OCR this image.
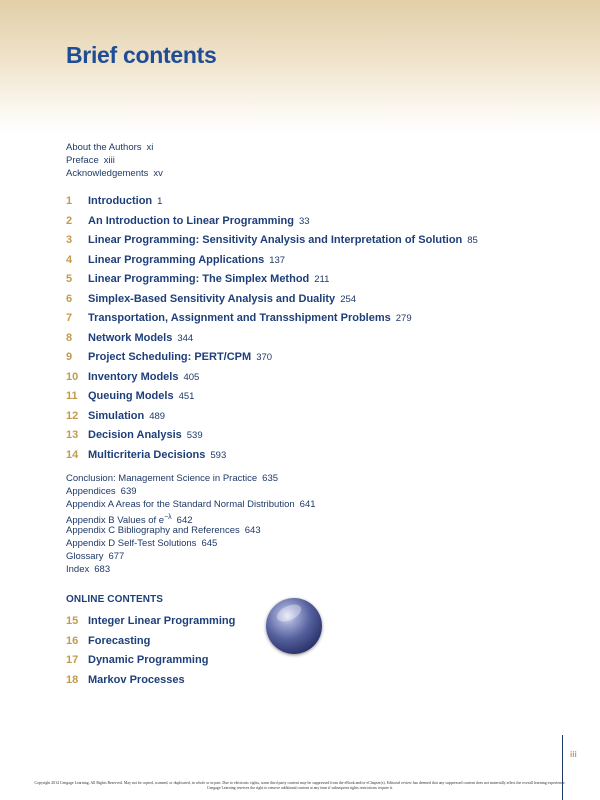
Brief contents
About the Authors xi
Preface xiii
Acknowledgements xv
1 Introduction 1
2 An Introduction to Linear Programming 33
3 Linear Programming: Sensitivity Analysis and Interpretation of Solution 85
4 Linear Programming Applications 137
5 Linear Programming: The Simplex Method 211
6 Simplex-Based Sensitivity Analysis and Duality 254
7 Transportation, Assignment and Transshipment Problems 279
8 Network Models 344
9 Project Scheduling: PERT/CPM 370
10 Inventory Models 405
11 Queuing Models 451
12 Simulation 489
13 Decision Analysis 539
14 Multicriteria Decisions 593
Conclusion: Management Science in Practice 635
Appendices 639
Appendix A Areas for the Standard Normal Distribution 641
Appendix B Values of $e^{-\lambda}$ 642
Appendix C Bibliography and References 643
Appendix D Self-Test Solutions 645
Glossary 677
Index 683
ONLINE CONTENTS
15 Integer Linear Programming
16 Forecasting
17 Dynamic Programming
18 Markov Processes
iii
Copyright 2014 Cengage Learning. All Rights Reserved. May not be copied, scanned, or duplicated, in whole or in part. Due to electronic rights, some third party content may be suppressed from the eBook and/or eChapter(s). Editorial review has deemed that any suppressed content does not materially affect the overall learning experience. Cengage Learning reserves the right to remove additional content at any time if subsequent rights restrictions require it.
